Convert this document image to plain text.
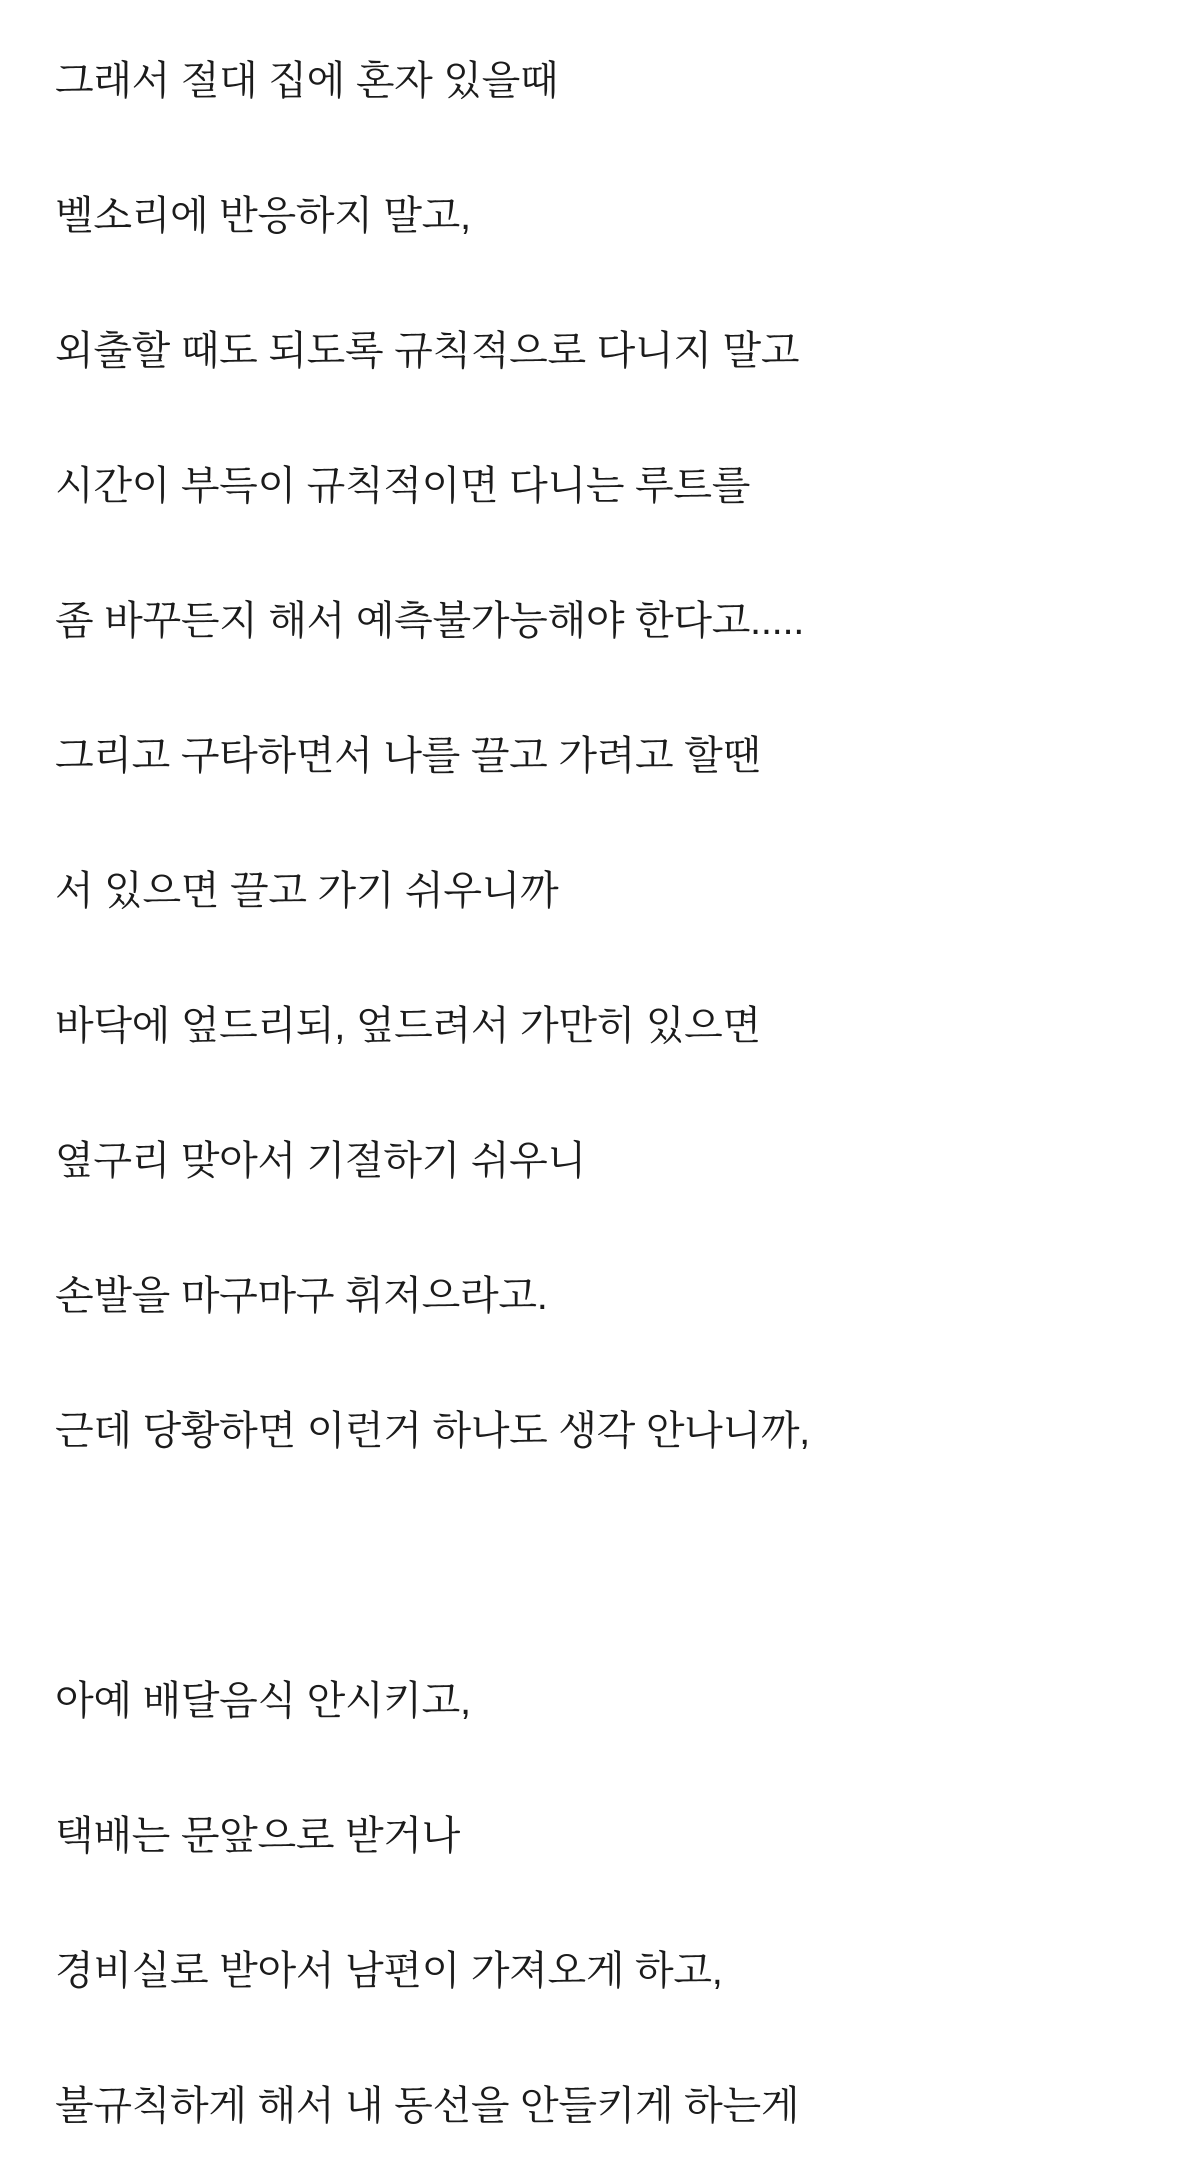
그래서 절대 집에 혼자 있을때

벨소리에 반응하지 말고,

외출할 때도 되도록 규칙적으로 다니지 말고

시간이 부득이 규칙적이면 다니는 루트를

좀 바꾸든지 해서 예측불가능해야 한다고.....

그리고 구타하면서 나를 끌고 가려고 할땐

서 있으면 끌고 가기 쉬우니까

바닥에 엎드리되, 엎드려서 가만히 있으면

옆구리 맞아서 기절하기 쉬우니

손발을 마구마구 휘저으라고.

근데 당황하면 이런거 하나도 생각 안나니까,

아예 배달음식 안시키고,

택배는 문앞으로 받거나

경비실로 받아서 남편이 가져오게 하고,

불규칙하게 해서 내 동선을 안들키게 하는게
